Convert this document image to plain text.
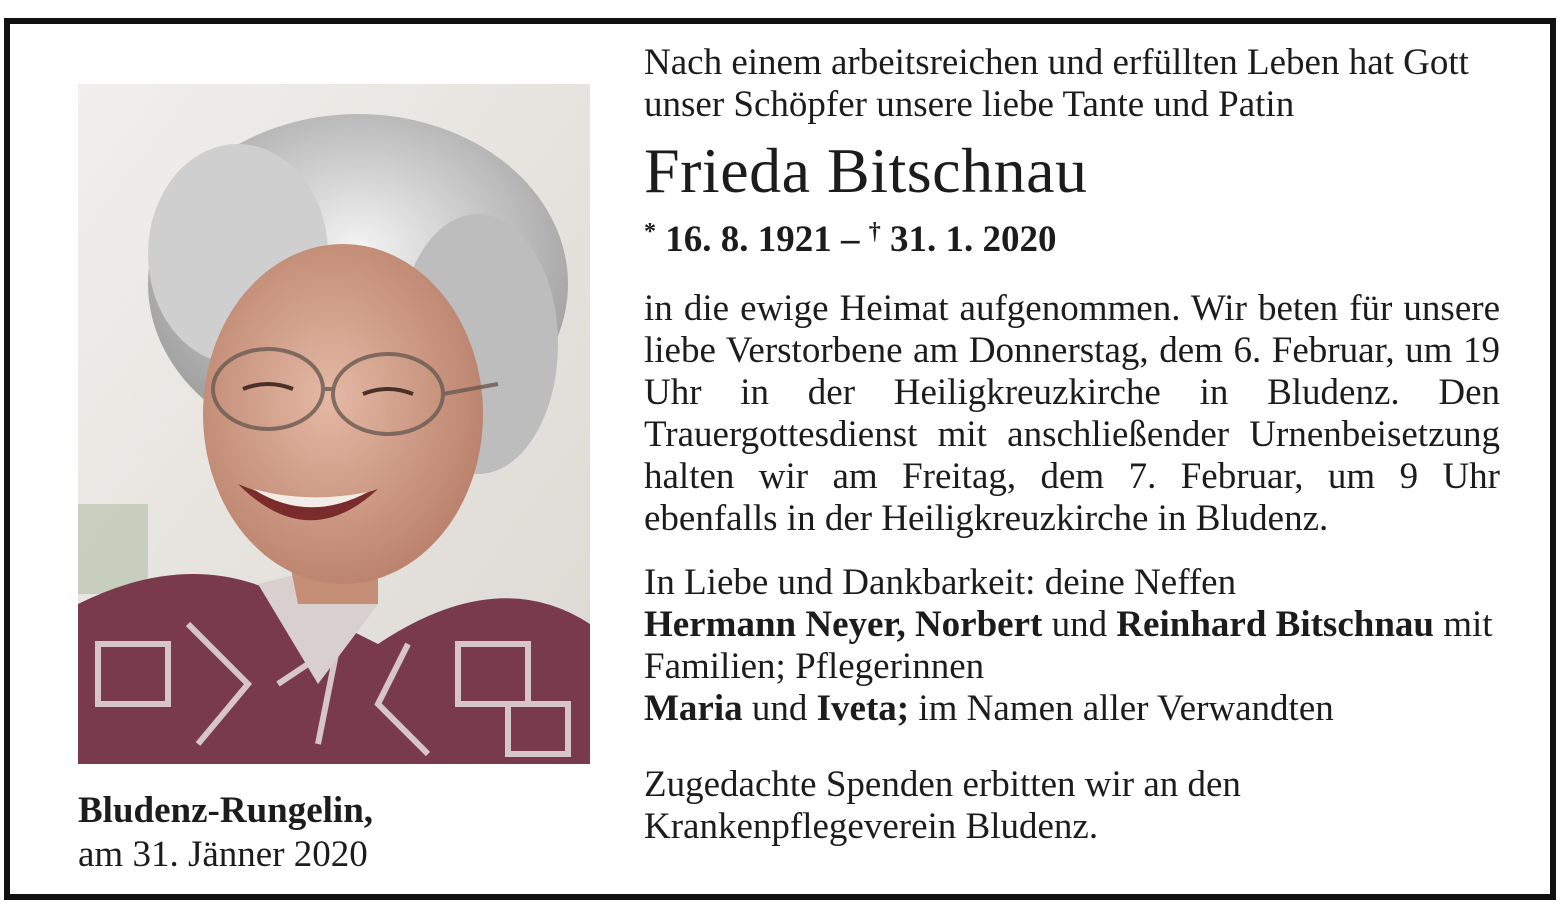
Bludenz-Rungelin,
am 31. Jänner 2020

Nach einem arbeitsreichen und erfüllten Leben hat Gott unser Schöpfer unsere liebe Tante und Patin

Frieda Bitschnau

* 16. 8. 1921 – † 31. 1. 2020

in die ewige Heimat aufgenommen. Wir beten für unsere liebe Verstorbene am Donnerstag, dem 6. Februar, um 19 Uhr in der Heiligkreuzkirche in Bludenz. Den Trauergottesdienst mit anschließender Urnenbeisetzung halten wir am Freitag, dem 7. Februar, um 9 Uhr ebenfalls in der Heiligkreuzkirche in Bludenz.

In Liebe und Dankbarkeit: deine Neffen
Hermann Neyer, Norbert und Reinhard Bitschnau mit Familien; Pflegerinnen
Maria und Iveta; im Namen aller Verwandten

Zugedachte Spenden erbitten wir an den Krankenpflegeverein Bludenz.
